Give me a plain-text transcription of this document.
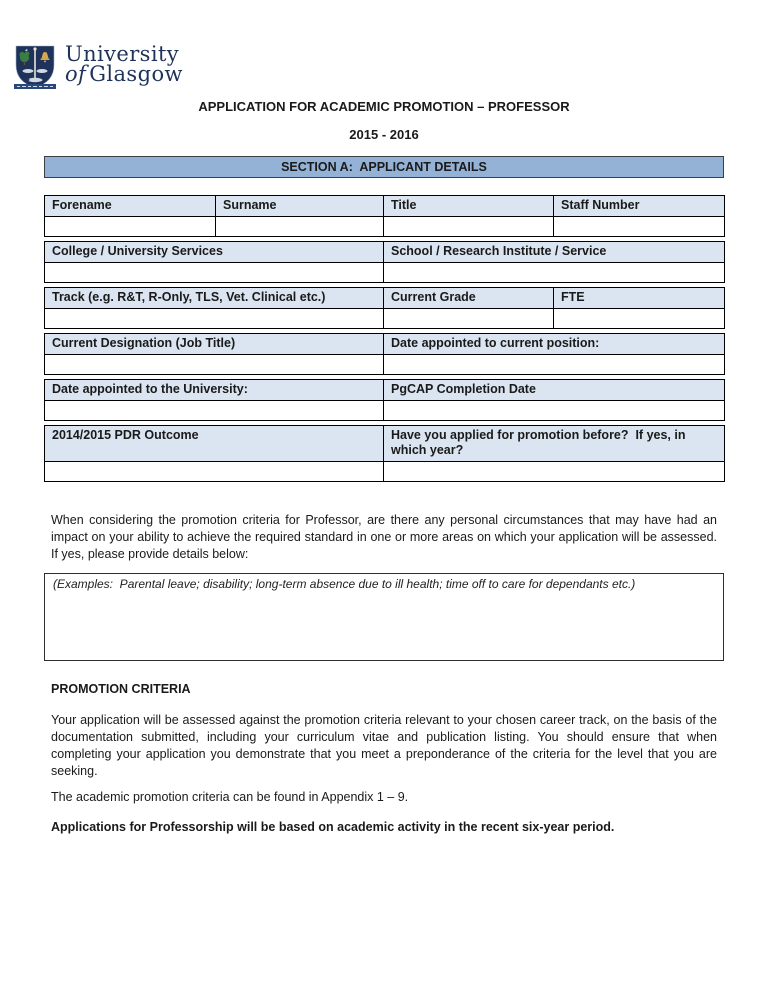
University
of Glasgow
APPLICATION FOR ACADEMIC PROMOTION – PROFESSOR
2015 - 2016
SECTION A:  APPLICANT DETAILS
Forename	Surname	Title	Staff Number

College / University Services	School / Research Institute / Service

Track (e.g. R&T, R-Only, TLS, Vet. Clinical etc.)	Current Grade	FTE

Current Designation (Job Title)	Date appointed to current position:

Date appointed to the University:	PgCAP Completion Date

2014/2015 PDR Outcome	Have you applied for promotion before?  If yes, in which year?

When considering the promotion criteria for Professor, are there any personal circumstances that may have had an impact on your ability to achieve the required standard in one or more areas on which your application will be assessed. If yes, please provide details below:

(Examples:  Parental leave; disability; long-term absence due to ill health; time off to care for dependants etc.)
PROMOTION CRITERIA

Your application will be assessed against the promotion criteria relevant to your chosen career track, on the basis of the documentation submitted, including your curriculum vitae and publication listing. You should ensure that when completing your application you demonstrate that you meet a preponderance of the criteria for the level that you are seeking.

The academic promotion criteria can be found in Appendix 1 – 9.

Applications for Professorship will be based on academic activity in the recent six-year period.
